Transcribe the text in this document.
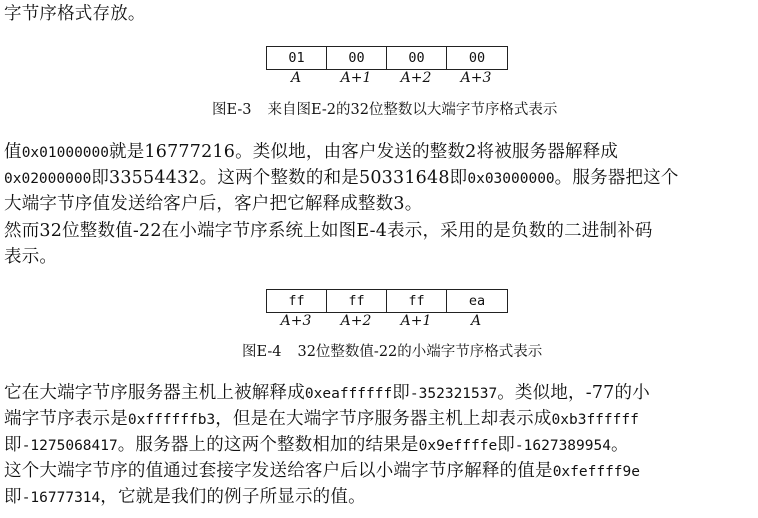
字节序格式存放。
01	00	00	00
A	A+1	A+2	A+3
图E-3 来自图E-2的32位整数以大端字节序格式表示
值0x01000000就是16777216。类似地，由客户发送的整数2将被服务器解释成
0x02000000即33554432。这两个整数的和是50331648即0x03000000。服务器把这个
大端字节序值发送给客户后，客户把它解释成整数3。
然而32位整数值-22在小端字节序系统上如图E-4表示，采用的是负数的二进制补码
表示。
ff	ff	ff	ea
A+3	A+2	A+1	A
图E-4 32位整数值-22的小端字节序格式表示
它在大端字节序服务器主机上被解释成0xeaffffff即-352321537。类似地，-77的小
端字节序表示是0xffffffb3，但是在大端字节序服务器主机上却表示成0xb3ffffff
即-1275068417。服务器上的这两个整数相加的结果是0x9effffe即-1627389954。
这个大端字节序的值通过套接字发送给客户后以小端字节序解释的值是0xfeffff9e
即-16777314，它就是我们的例子所显示的值。
